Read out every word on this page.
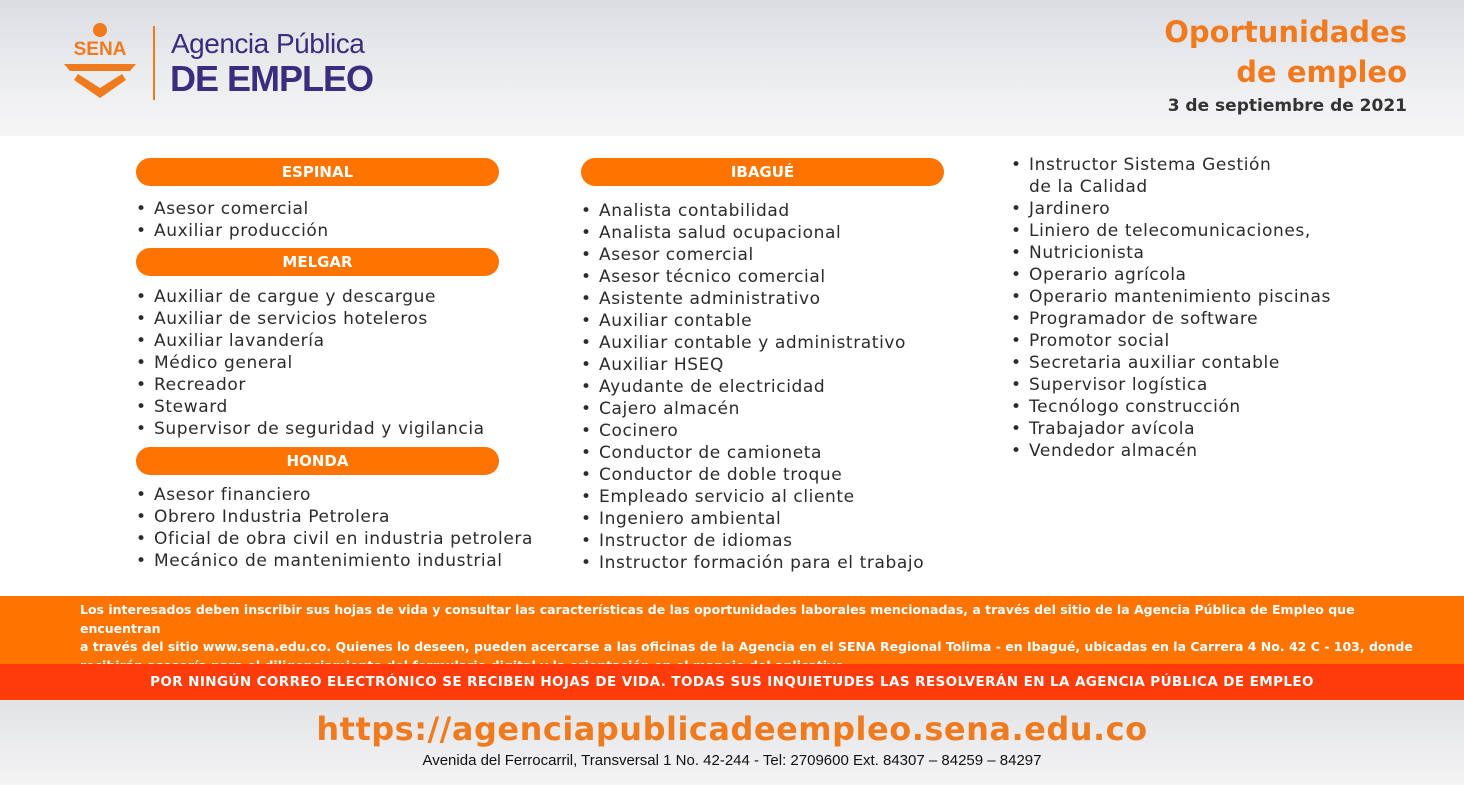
SENA Agencia Pública
DE EMPLEO
Oportunidades
de empleo
3 de septiembre de 2021
ESPINAL
• Asesor comercial
• Auxiliar producción
MELGAR
• Auxiliar de cargue y descargue
• Auxiliar de servicios hoteleros
• Auxiliar lavandería
• Médico general
• Recreador
• Steward
• Supervisor de seguridad y vigilancia
HONDA
• Asesor financiero
• Obrero Industria Petrolera
• Oficial de obra civil en industria petrolera
• Mecánico de mantenimiento industrial
IBAGUÉ
• Analista contabilidad
• Analista salud ocupacional
• Asesor comercial
• Asesor técnico comercial
• Asistente administrativo
• Auxiliar contable
• Auxiliar contable y administrativo
• Auxiliar HSEQ
• Ayudante de electricidad
• Cajero almacén
• Cocinero
• Conductor de camioneta
• Conductor de doble troque
• Empleado servicio al cliente
• Ingeniero ambiental
• Instructor de idiomas
• Instructor formación para el trabajo
• Instructor Sistema Gestión
de la Calidad
• Jardinero
• Liniero de telecomunicaciones,
• Nutricionista
• Operario agrícola
• Operario mantenimiento piscinas
• Programador de software
• Promotor social
• Secretaria auxiliar contable
• Supervisor logística
• Tecnólogo construcción
• Trabajador avícola
• Vendedor almacén
Los interesados deben inscribir sus hojas de vida y consultar las características de las oportunidades laborales mencionadas, a través del sitio de la Agencia Pública de Empleo que encuentran
a través del sitio www.sena.edu.co. Quienes lo deseen, pueden acercarse a las oficinas de la Agencia en el SENA Regional Tolima - en Ibagué, ubicadas en la Carrera 4 No. 42 C - 103, donde
POR NINGÚN CORREO ELECTRÓNICO SE RECIBEN HOJAS DE VIDA. TODAS SUS INQUIETUDES LAS RESOLVERÁN EN LA AGENCIA PÚBLICA DE EMPLEO
https://agenciapublicadeempleo.sena.edu.co
Avenida del Ferrocarril, Transversal 1 No. 42-244 - Tel: 2709600 Ext. 84307 – 84259 – 84297
